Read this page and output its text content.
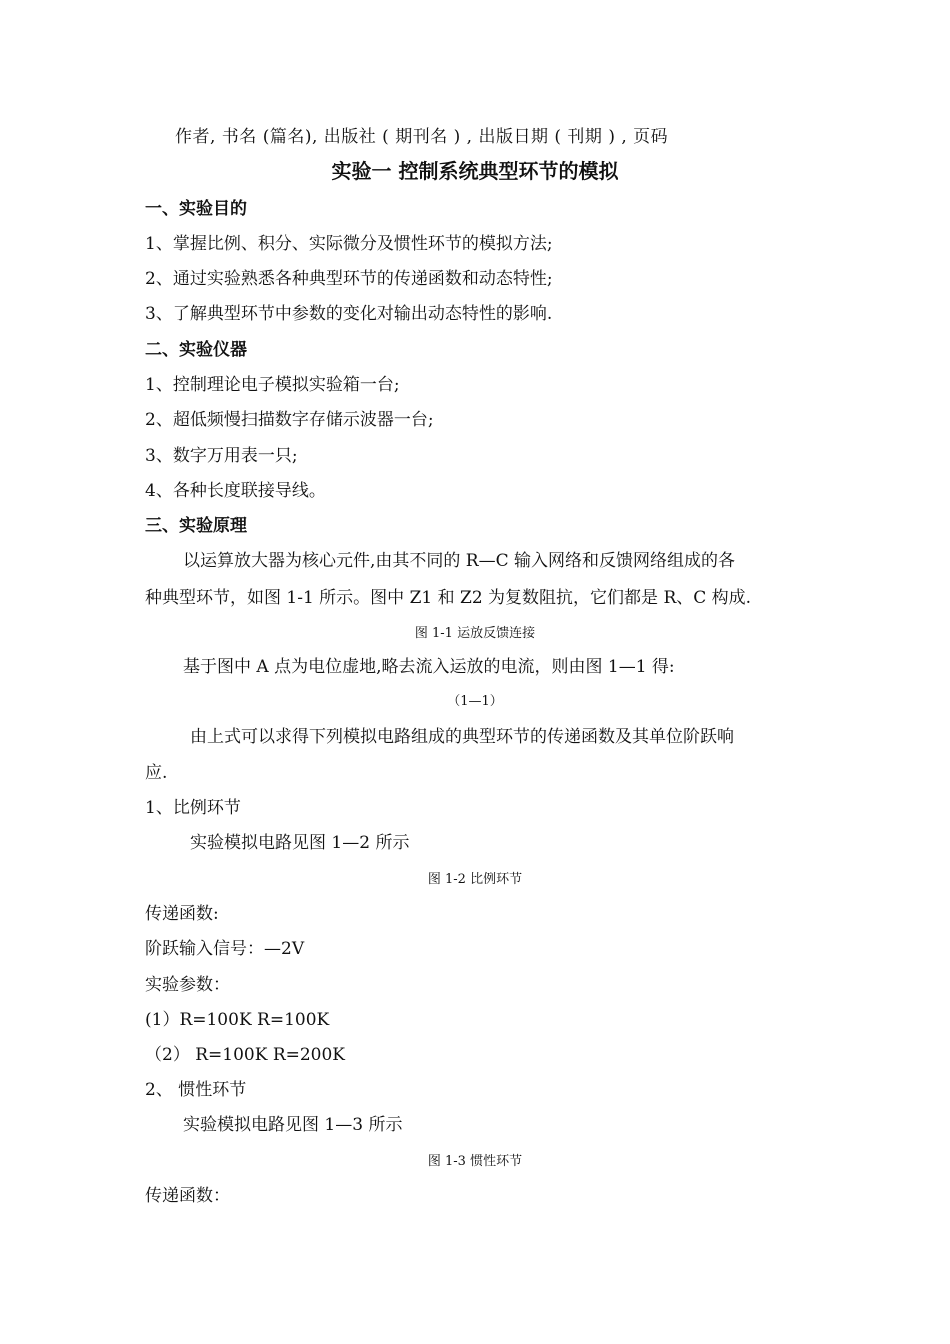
作者, 书名 (篇名), 出版社 ( 期刊名 ) , 出版日期 ( 刊期 ) , 页码
实验一 控制系统典型环节的模拟
一、实验目的
1、掌握比例、积分、实际微分及惯性环节的模拟方法;
2、通过实验熟悉各种典型环节的传递函数和动态特性;
3、了解典型环节中参数的变化对输出动态特性的影响.
二、实验仪器
1、控制理论电子模拟实验箱一台;
2、超低频慢扫描数字存储示波器一台;
3、数字万用表一只;
4、各种长度联接导线。
三、实验原理
以运算放大器为核心元件,由其不同的 R—C 输入网络和反馈网络组成的各
种典型环节，如图 1-1 所示。图中 Z1 和 Z2 为复数阻抗，它们都是 R、C 构成.
图 1-1 运放反馈连接
基于图中 A 点为电位虚地,略去流入运放的电流，则由图 1—1 得:
（1—1）
由上式可以求得下列模拟电路组成的典型环节的传递函数及其单位阶跃响
应.
1、比例环节
实验模拟电路见图 1—2 所示
图 1-2 比例环节
传递函数:
阶跃输入信号：—2V
实验参数：
(1）R=100K R=100K
（2） R=100K R=200K
2、 惯性环节
实验模拟电路见图 1—3 所示
图 1-3 惯性环节
传递函数：
